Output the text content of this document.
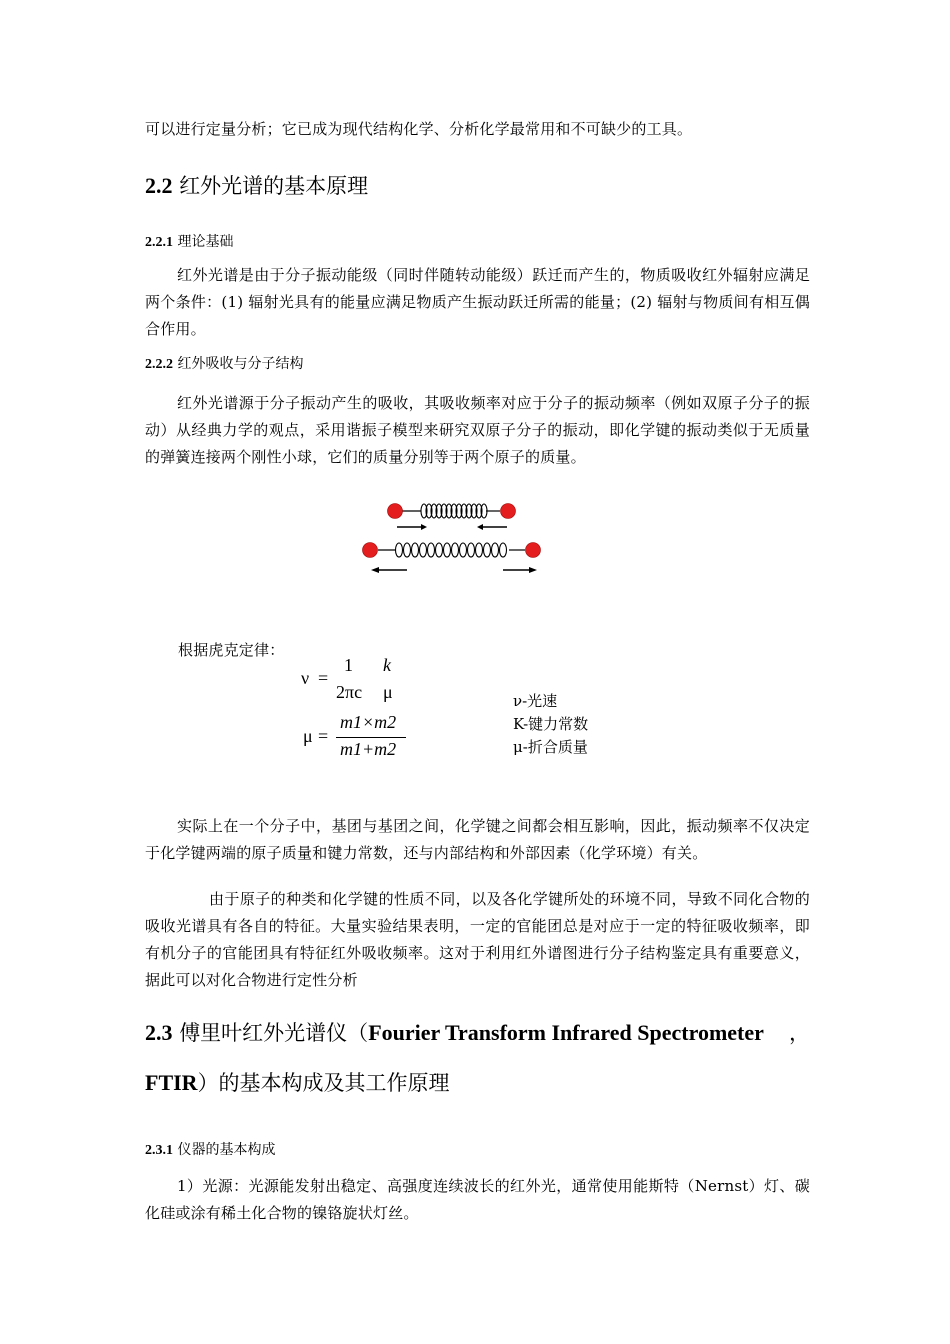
可以进行定量分析；它已成为现代结构化学、分析化学最常用和不可缺少的工具。
2.2 红外光谱的基本原理
2.2.1 理论基础
红外光谱是由于分子振动能级（同时伴随转动能级）跃迁而产生的，物质吸收红外辐射应满足两个条件：(1) 辐射光具有的能量应满足物质产生振动跃迁所需的能量；(2) 辐射与物质间有相互偶合作用。
2.2.2 红外吸收与分子结构
红外光谱源于分子振动产生的吸收，其吸收频率对应于分子的振动频率（例如双原子分子的振动）从经典力学的观点，采用谐振子模型来研究双原子分子的振动，即化学键的振动类似于无质量的弹簧连接两个刚性小球，它们的质量分别等于两个原子的质量。
根据虎克定律：
ν =
1
2πc
k
μ
μ =
m1×m2
m1+m2
ν-光速
K-键力常数
μ-折合质量
实际上在一个分子中，基团与基团之间，化学键之间都会相互影响，因此，振动频率不仅决定于化学键两端的原子质量和键力常数，还与内部结构和外部因素（化学环境）有关。
由于原子的种类和化学键的性质不同，以及各化学键所处的环境不同，导致不同化合物的吸收光谱具有各自的特征。大量实验结果表明，一定的官能团总是对应于一定的特征吸收频率，即有机分子的官能团具有特征红外吸收频率。这对于利用红外谱图进行分子结构鉴定具有重要意义，据此可以对化合物进行定性分析
2.3 傅里叶红外光谱仪（Fourier Transform Infrared Spectrometer ，
FTIR）的基本构成及其工作原理
2.3.1 仪器的基本构成
1）光源：光源能发射出稳定、高强度连续波长的红外光，通常使用能斯特（Nernst）灯、碳化硅或涂有稀土化合物的镍铬旋状灯丝。
